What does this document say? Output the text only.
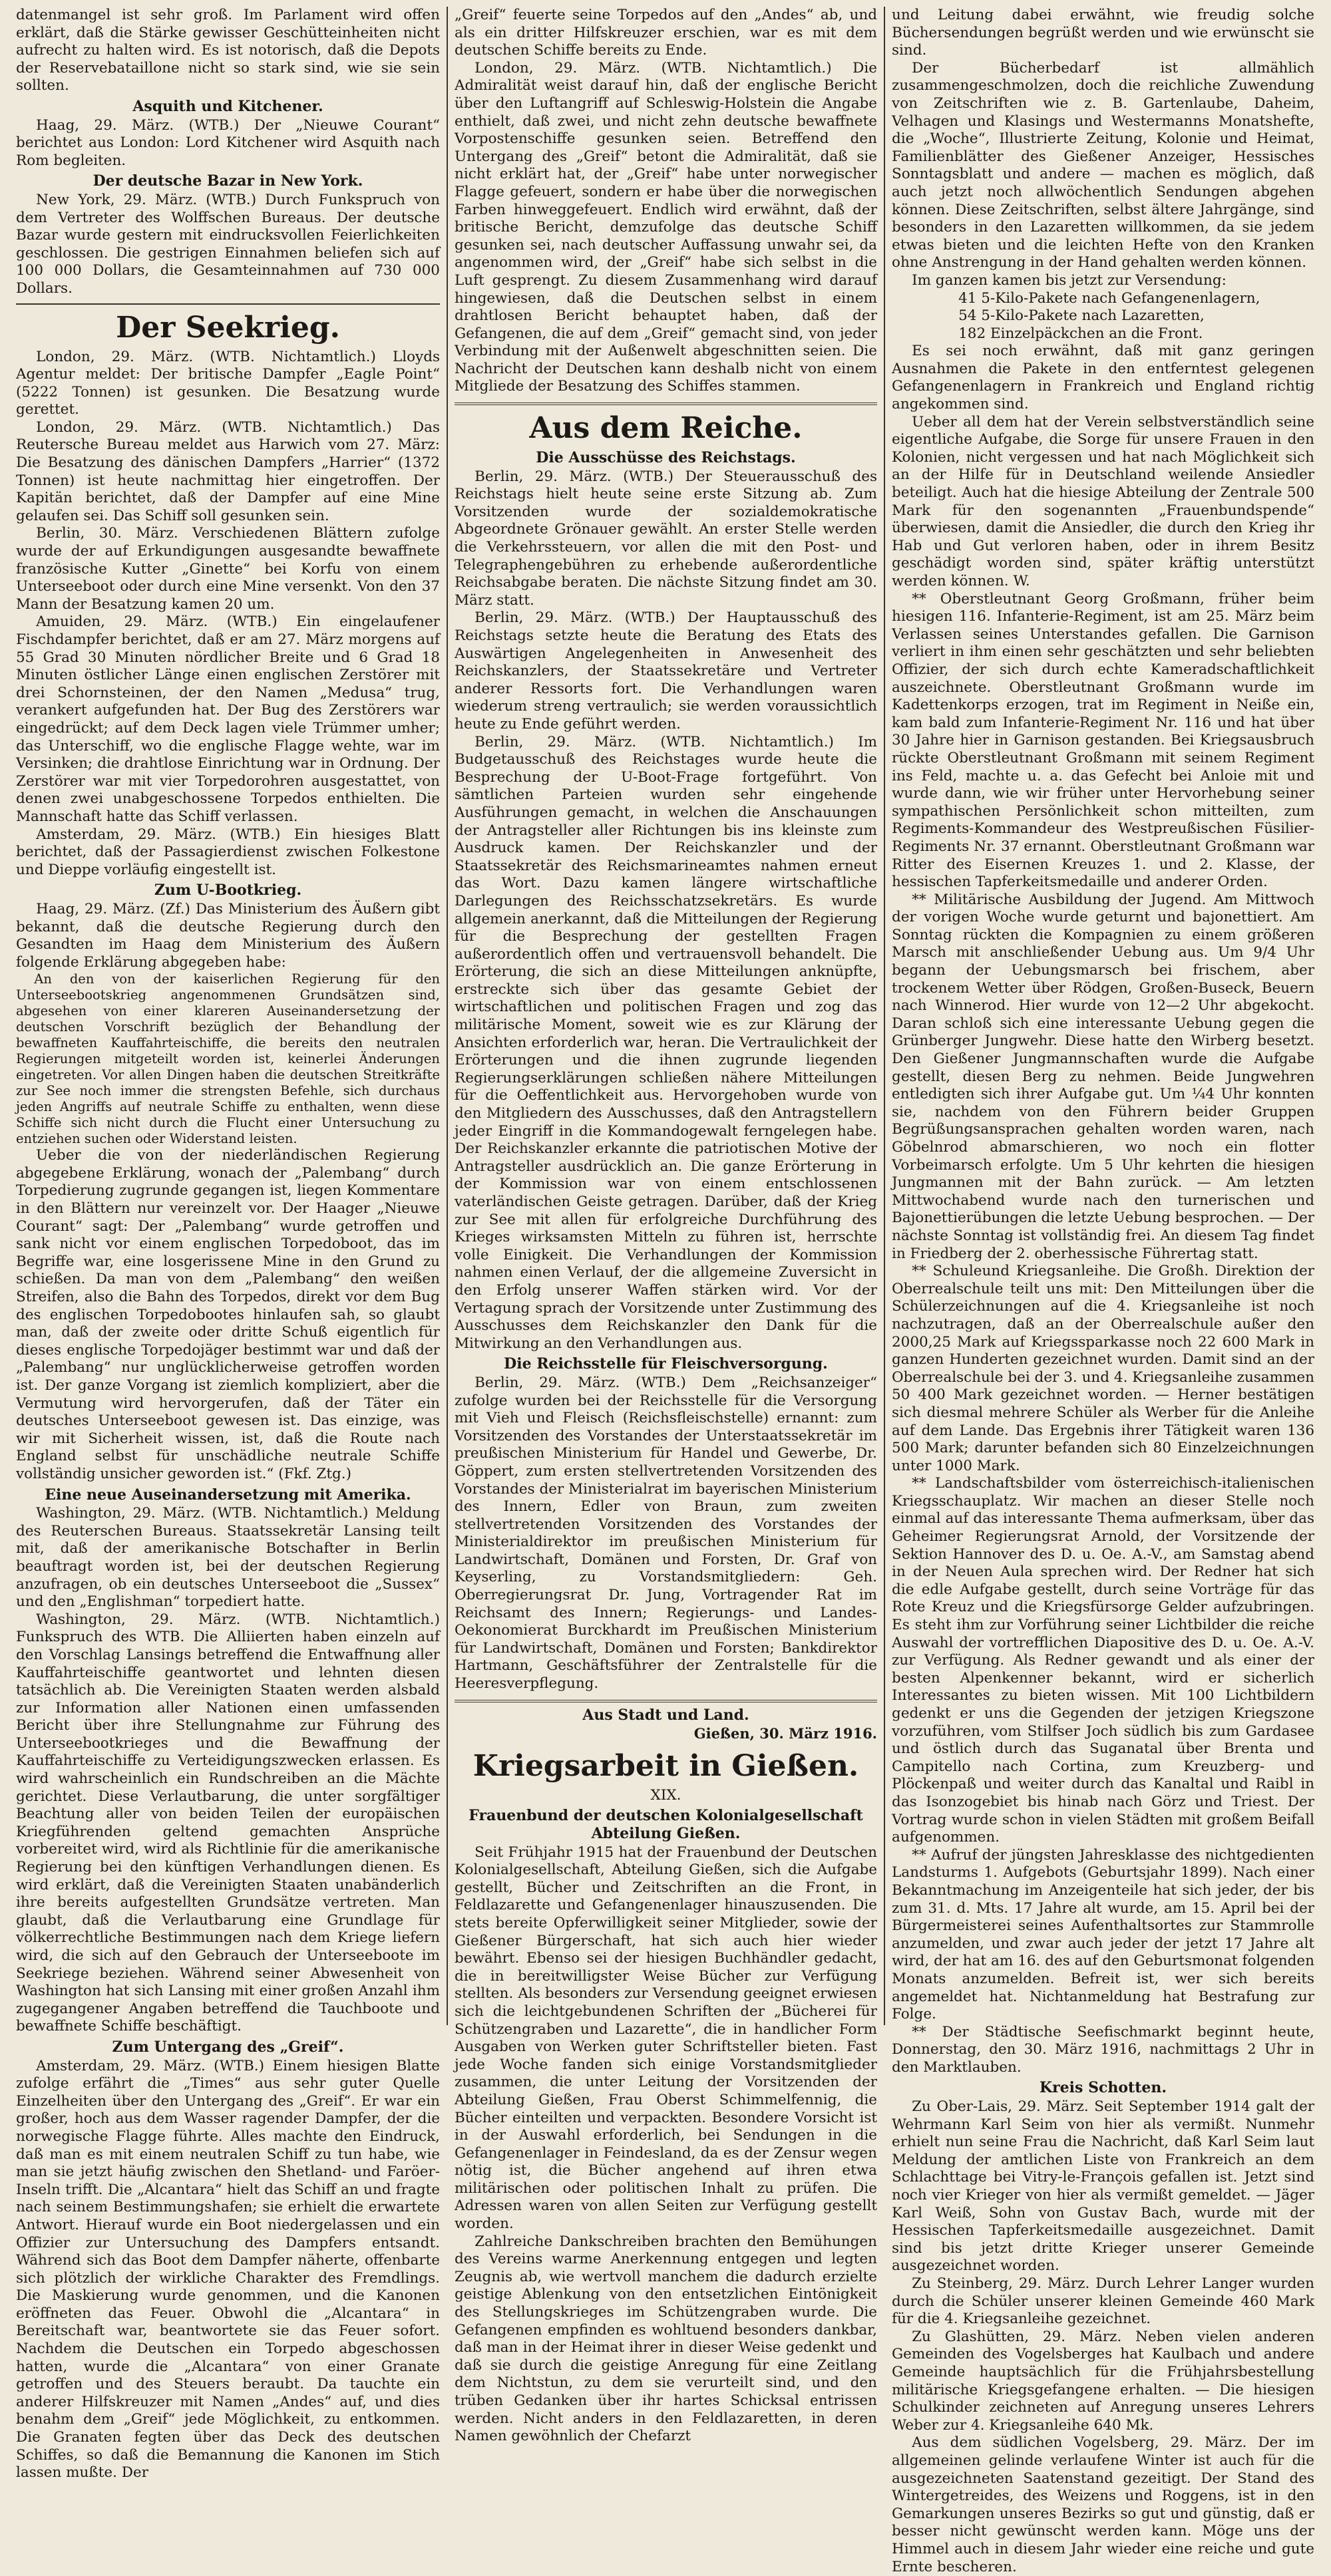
datenmangel ist sehr groß. Im Parlament wird offen erklärt, daß die Stärke gewisser Geschütteinheiten nicht aufrecht zu halten wird. Es ist notorisch, daß die Depots der Reservebataillone nicht so stark sind, wie sie sein sollten.

Asquith und Kitchener.

Haag, 29. März. (WTB.) Der „Nieuwe Courant“ berichtet aus London: Lord Kitchener wird Asquith nach Rom begleiten.

Der deutsche Bazar in New York.

New York, 29. März. (WTB.) Durch Funkspruch von dem Vertreter des Wolffschen Bureaus. Der deutsche Bazar wurde gestern mit eindrucksvollen Feierlichkeiten geschlossen. Die gestrigen Einnahmen beliefen sich auf 100 000 Dollars, die Gesamteinnahmen auf 730 000 Dollars.

Der Seekrieg.

London, 29. März. (WTB. Nichtamtlich.) Lloyds Agentur meldet: Der britische Dampfer „Eagle Point“ (5222 Tonnen) ist gesunken. Die Besatzung wurde gerettet.

London, 29. März. (WTB. Nichtamtlich.) Das Reutersche Bureau meldet aus Harwich vom 27. März: Die Besatzung des dänischen Dampfers „Harrier“ (1372 Tonnen) ist heute nachmittag hier eingetroffen. Der Kapitän berichtet, daß der Dampfer auf eine Mine gelaufen sei. Das Schiff soll gesunken sein.

Berlin, 30. März. Verschiedenen Blättern zufolge wurde der auf Erkundigungen ausgesandte bewaffnete französische Kutter „Ginette“ bei Korfu von einem Unterseeboot oder durch eine Mine versenkt. Von den 37 Mann der Besatzung kamen 20 um.

Amuiden, 29. März. (WTB.) Ein eingelaufener Fischdampfer berichtet, daß er am 27. März morgens auf 55 Grad 30 Minuten nördlicher Breite und 6 Grad 18 Minuten östlicher Länge einen englischen Zerstörer mit drei Schornsteinen, der den Namen „Medusa“ trug, verankert aufgefunden hat. Der Bug des Zerstörers war eingedrückt; auf dem Deck lagen viele Trümmer umher; das Unterschiff, wo die englische Flagge wehte, war im Versinken; die drahtlose Einrichtung war in Ordnung. Der Zerstörer war mit vier Torpedorohren ausgestattet, von denen zwei unabgeschossene Torpedos enthielten. Die Mannschaft hatte das Schiff verlassen.

Amsterdam, 29. März. (WTB.) Ein hiesiges Blatt berichtet, daß der Passagierdienst zwischen Folkestone und Dieppe vorläufig eingestellt ist.

Zum U-Bootkrieg.

Haag, 29. März. (Zf.) Das Ministerium des Äußern gibt bekannt, daß die deutsche Regierung durch den Gesandten im Haag dem Ministerium des Äußern folgende Erklärung abgegeben habe:

An den von der kaiserlichen Regierung für den Unterseebootskrieg angenommenen Grundsätzen sind, abgesehen von einer klareren Auseinandersetzung der deutschen Vorschrift bezüglich der Behandlung der bewaffneten Kauffahrteischiffe, die bereits den neutralen Regierungen mitgeteilt worden ist, keinerlei Änderungen eingetreten. Vor allen Dingen haben die deutschen Streitkräfte zur See noch immer die strengsten Befehle, sich durchaus jeden Angriffs auf neutrale Schiffe zu enthalten, wenn diese Schiffe sich nicht durch die Flucht einer Untersuchung zu entziehen suchen oder Widerstand leisten.

Ueber die von der niederländischen Regierung abgegebene Erklärung, wonach der „Palembang“ durch Torpedierung zugrunde gegangen ist, liegen Kommentare in den Blättern nur vereinzelt vor. Der Haager „Nieuwe Courant“ sagt: Der „Palembang“ wurde getroffen und sank nicht vor einem englischen Torpedoboot, das im Begriffe war, eine losgerissene Mine in den Grund zu schießen. Da man von dem „Palembang“ den weißen Streifen, also die Bahn des Torpedos, direkt vor dem Bug des englischen Torpedobootes hinlaufen sah, so glaubt man, daß der zweite oder dritte Schuß eigentlich für dieses englische Torpedojäger bestimmt war und daß der „Palembang“ nur unglücklicherweise getroffen worden ist. Der ganze Vorgang ist ziemlich kompliziert, aber die Vermutung wird hervorgerufen, daß der Täter ein deutsches Unterseeboot gewesen ist. Das einzige, was wir mit Sicherheit wissen, ist, daß die Route nach England selbst für unschädliche neutrale Schiffe vollständig unsicher geworden ist.“ (Fkf. Ztg.)

Eine neue Auseinandersetzung mit Amerika.

Washington, 29. März. (WTB. Nichtamtlich.) Meldung des Reuterschen Bureaus. Staatssekretär Lansing teilt mit, daß der amerikanische Botschafter in Berlin beauftragt worden ist, bei der deutschen Regierung anzufragen, ob ein deutsches Unterseeboot die „Sussex“ und den „Englishman“ torpediert hatte.

Washington, 29. März. (WTB. Nichtamtlich.) Funkspruch des WTB. Die Alliierten haben einzeln auf den Vorschlag Lansings betreffend die Entwaffnung aller Kauffahrteischiffe geantwortet und lehnten diesen tatsächlich ab. Die Vereinigten Staaten werden alsbald zur Information aller Nationen einen umfassenden Bericht über ihre Stellungnahme zur Führung des Unterseebootkrieges und die Bewaffnung der Kauffahrteischiffe zu Verteidigungszwecken erlassen. Es wird wahrscheinlich ein Rundschreiben an die Mächte gerichtet. Diese Verlautbarung, die unter sorgfältiger Beachtung aller von beiden Teilen der europäischen Kriegführenden geltend gemachten Ansprüche vorbereitet wird, wird als Richtlinie für die amerikanische Regierung bei den künftigen Verhandlungen dienen. Es wird erklärt, daß die Vereinigten Staaten unabänderlich ihre bereits aufgestellten Grundsätze vertreten. Man glaubt, daß die Verlautbarung eine Grundlage für völkerrechtliche Bestimmungen nach dem Kriege liefern wird, die sich auf den Gebrauch der Unterseeboote im Seekriege beziehen. Während seiner Abwesenheit von Washington hat sich Lansing mit einer großen Anzahl ihm zugegangener Angaben betreffend die Tauchboote und bewaffnete Schiffe beschäftigt.

Zum Untergang des „Greif“.

Amsterdam, 29. März. (WTB.) Einem hiesigen Blatte zufolge erfährt die „Times“ aus sehr guter Quelle Einzelheiten über den Untergang des „Greif“. Er war ein großer, hoch aus dem Wasser ragender Dampfer, der die norwegische Flagge führte. Alles machte den Eindruck, daß man es mit einem neutralen Schiff zu tun habe, wie man sie jetzt häufig zwischen den Shetland- und Faröer-Inseln trifft. Die „Alcantara“ hielt das Schiff an und fragte nach seinem Bestimmungshafen; sie erhielt die erwartete Antwort. Hierauf wurde ein Boot niedergelassen und ein Offizier zur Untersuchung des Dampfers entsandt. Während sich das Boot dem Dampfer näherte, offenbarte sich plötzlich der wirkliche Charakter des Fremdlings. Die Maskierung wurde genommen, und die Kanonen eröffneten das Feuer. Obwohl die „Alcantara“ in Bereitschaft war, beantwortete sie das Feuer sofort. Nachdem die Deutschen ein Torpedo abgeschossen hatten, wurde die „Alcantara“ von einer Granate getroffen und des Steuers beraubt. Da tauchte ein anderer Hilfskreuzer mit Namen „Andes“ auf, und dies benahm dem „Greif“ jede Möglichkeit, zu entkommen. Die Granaten fegten über das Deck des deutschen Schiffes, so daß die Bemannung die Kanonen im Stich lassen mußte. Der

„Greif“ feuerte seine Torpedos auf den „Andes“ ab, und als ein dritter Hilfskreuzer erschien, war es mit dem deutschen Schiffe bereits zu Ende.

London, 29. März. (WTB. Nichtamtlich.) Die Admiralität weist darauf hin, daß der englische Bericht über den Luftangriff auf Schleswig-Holstein die Angabe enthielt, daß zwei, und nicht zehn deutsche bewaffnete Vorpostenschiffe gesunken seien. Betreffend den Untergang des „Greif“ betont die Admiralität, daß sie nicht erklärt hat, der „Greif“ habe unter norwegischer Flagge gefeuert, sondern er habe über die norwegischen Farben hinweggefeuert. Endlich wird erwähnt, daß der britische Bericht, demzufolge das deutsche Schiff gesunken sei, nach deutscher Auffassung unwahr sei, da angenommen wird, der „Greif“ habe sich selbst in die Luft gesprengt. Zu diesem Zusammenhang wird darauf hingewiesen, daß die Deutschen selbst in einem drahtlosen Bericht behauptet haben, daß der Gefangenen, die auf dem „Greif“ gemacht sind, von jeder Verbindung mit der Außenwelt abgeschnitten seien. Die Nachricht der Deutschen kann deshalb nicht von einem Mitgliede der Besatzung des Schiffes stammen.

Aus dem Reiche.
Die Ausschüsse des Reichstags.

Berlin, 29. März. (WTB.) Der Steuerausschuß des Reichstags hielt heute seine erste Sitzung ab. Zum Vorsitzenden wurde der sozialdemokratische Abgeordnete Grönauer gewählt. An erster Stelle werden die Verkehrssteuern, vor allen die mit den Post- und Telegraphengebühren zu erhebende außerordentliche Reichsabgabe beraten. Die nächste Sitzung findet am 30. März statt.

Berlin, 29. März. (WTB.) Der Hauptausschuß des Reichstags setzte heute die Beratung des Etats des Auswärtigen Angelegenheiten in Anwesenheit des Reichskanzlers, der Staatssekretäre und Vertreter anderer Ressorts fort. Die Verhandlungen waren wiederum streng vertraulich; sie werden voraussichtlich heute zu Ende geführt werden.

Berlin, 29. März. (WTB. Nichtamtlich.) Im Budgetausschuß des Reichstages wurde heute die Besprechung der U-Boot-Frage fortgeführt. Von sämtlichen Parteien wurden sehr eingehende Ausführungen gemacht, in welchen die Anschauungen der Antragsteller aller Richtungen bis ins kleinste zum Ausdruck kamen. Der Reichskanzler und der Staatssekretär des Reichsmarineamtes nahmen erneut das Wort. Dazu kamen längere wirtschaftliche Darlegungen des Reichsschatzsekretärs. Es wurde allgemein anerkannt, daß die Mitteilungen der Regierung für die Besprechung der gestellten Fragen außerordentlich offen und vertrauensvoll behandelt. Die Erörterung, die sich an diese Mitteilungen anknüpfte, erstreckte sich über das gesamte Gebiet der wirtschaftlichen und politischen Fragen und zog das militärische Moment, soweit wie es zur Klärung der Ansichten erforderlich war, heran. Die Vertraulichkeit der Erörterungen und die ihnen zugrunde liegenden Regierungserklärungen schließen nähere Mitteilungen für die Oeffentlichkeit aus. Hervorgehoben wurde von den Mitgliedern des Ausschusses, daß den Antragstellern jeder Eingriff in die Kommandogewalt ferngelegen habe. Der Reichskanzler erkannte die patriotischen Motive der Antragsteller ausdrücklich an. Die ganze Erörterung in der Kommission war von einem entschlossenen vaterländischen Geiste getragen. Darüber, daß der Krieg zur See mit allen für erfolgreiche Durchführung des Krieges wirksamsten Mitteln zu führen ist, herrschte volle Einigkeit. Die Verhandlungen der Kommission nahmen einen Verlauf, der die allgemeine Zuversicht in den Erfolg unserer Waffen stärken wird. Vor der Vertagung sprach der Vorsitzende unter Zustimmung des Ausschusses dem Reichskanzler den Dank für die Mitwirkung an den Verhandlungen aus.

Die Reichsstelle für Fleischversorgung.

Berlin, 29. März. (WTB.) Dem „Reichsanzeiger“ zufolge wurden bei der Reichsstelle für die Versorgung mit Vieh und Fleisch (Reichsfleischstelle) ernannt: zum Vorsitzenden des Vorstandes der Unterstaatssekretär im preußischen Ministerium für Handel und Gewerbe, Dr. Göppert, zum ersten stellvertretenden Vorsitzenden des Vorstandes der Ministerialrat im bayerischen Ministerium des Innern, Edler von Braun, zum zweiten stellvertretenden Vorsitzenden des Vorstandes der Ministerialdirektor im preußischen Ministerium für Landwirtschaft, Domänen und Forsten, Dr. Graf von Keyserling, zu Vorstandsmitgliedern: Geh. Oberregierungsrat Dr. Jung, Vortragender Rat im Reichsamt des Innern; Regierungs- und Landes-Oekonomierat Burckhardt im Preußischen Ministerium für Landwirtschaft, Domänen und Forsten; Bankdirektor Hartmann, Geschäftsführer der Zentralstelle für die Heeresverpflegung.

Aus Stadt und Land.
Gießen, 30. März 1916.
Kriegsarbeit in Gießen.

XIX.

Frauenbund der deutschen Kolonialgesellschaft Abteilung Gießen.

Seit Frühjahr 1915 hat der Frauenbund der Deutschen Kolonialgesellschaft, Abteilung Gießen, sich die Aufgabe gestellt, Bücher und Zeitschriften an die Front, in Feldlazarette und Gefangenenlager hinauszusenden. Die stets bereite Opferwilligkeit seiner Mitglieder, sowie der Gießener Bürgerschaft, hat sich auch hier wieder bewährt. Ebenso sei der hiesigen Buchhändler gedacht, die in bereitwilligster Weise Bücher zur Verfügung stellten. Als besonders zur Versendung geeignet erwiesen sich die leichtgebundenen Schriften der „Bücherei für Schützengraben und Lazarette“, die in handlicher Form Ausgaben von Werken guter Schriftsteller bieten. Fast jede Woche fanden sich einige Vorstandsmitglieder zusammen, die unter Leitung der Vorsitzenden der Abteilung Gießen, Frau Oberst Schimmelfennig, die Bücher einteilten und verpackten. Besondere Vorsicht ist in der Auswahl erforderlich, bei Sendungen in die Gefangenenlager in Feindesland, da es der Zensur wegen nötig ist, die Bücher angehend auf ihren etwa militärischen oder politischen Inhalt zu prüfen. Die Adressen waren von allen Seiten zur Verfügung gestellt worden.

Zahlreiche Dankschreiben brachten den Bemühungen des Vereins warme Anerkennung entgegen und legten Zeugnis ab, wie wertvoll manchem die dadurch erzielte geistige Ablenkung von den entsetzlichen Eintönigkeit des Stellungskrieges im Schützengraben wurde. Die Gefangenen empfinden es wohltuend besonders dankbar, daß man in der Heimat ihrer in dieser Weise gedenkt und daß sie durch die geistige Anregung für eine Zeitlang dem Nichtstun, zu dem sie verurteilt sind, und den trüben Gedanken über ihr hartes Schicksal entrissen werden. Nicht anders in den Feldlazaretten, in deren Namen gewöhnlich der Chefarzt

und Leitung dabei erwähnt, wie freudig solche Büchersendungen begrüßt werden und wie erwünscht sie sind.

Der Bücherbedarf ist allmählich zusammengeschmolzen, doch die reichliche Zuwendung von Zeitschriften wie z. B. Gartenlaube, Daheim, Velhagen und Klasings und Westermanns Monatshefte, die „Woche“, Illustrierte Zeitung, Kolonie und Heimat, Familienblätter des Gießener Anzeiger, Hessisches Sonntagsblatt und andere — machen es möglich, daß auch jetzt noch allwöchentlich Sendungen abgehen können. Diese Zeitschriften, selbst ältere Jahrgänge, sind besonders in den Lazaretten willkommen, da sie jedem etwas bieten und die leichten Hefte von den Kranken ohne Anstrengung in der Hand gehalten werden können.

Im ganzen kamen bis jetzt zur Versendung:

41 5-Kilo-Pakete nach Gefangenenlagern,

54 5-Kilo-Pakete nach Lazaretten,

182 Einzelpäckchen an die Front.

Es sei noch erwähnt, daß mit ganz geringen Ausnahmen die Pakete in den entferntest gelegenen Gefangenenlagern in Frankreich und England richtig angekommen sind.

Ueber all dem hat der Verein selbstverständlich seine eigentliche Aufgabe, die Sorge für unsere Frauen in den Kolonien, nicht vergessen und hat nach Möglichkeit sich an der Hilfe für in Deutschland weilende Ansiedler beteiligt. Auch hat die hiesige Abteilung der Zentrale 500 Mark für den sogenannten „Frauenbundspende“ überwiesen, damit die Ansiedler, die durch den Krieg ihr Hab und Gut verloren haben, oder in ihrem Besitz geschädigt worden sind, später kräftig unterstützt werden können. W.

** Oberstleutnant Georg Großmann, früher beim hiesigen 116. Infanterie-Regiment, ist am 25. März beim Verlassen seines Unterstandes gefallen. Die Garnison verliert in ihm einen sehr geschätzten und sehr beliebten Offizier, der sich durch echte Kameradschaftlichkeit auszeichnete. Oberstleutnant Großmann wurde im Kadettenkorps erzogen, trat im Regiment in Neiße ein, kam bald zum Infanterie-Regiment Nr. 116 und hat über 30 Jahre hier in Garnison gestanden. Bei Kriegsausbruch rückte Oberstleutnant Großmann mit seinem Regiment ins Feld, machte u. a. das Gefecht bei Anloie mit und wurde dann, wie wir früher unter Hervorhebung seiner sympathischen Persönlichkeit schon mitteilten, zum Regiments-Kommandeur des Westpreußischen Füsilier-Regiments Nr. 37 ernannt. Oberstleutnant Großmann war Ritter des Eisernen Kreuzes 1. und 2. Klasse, der hessischen Tapferkeitsmedaille und anderer Orden.

** Militärische Ausbildung der Jugend. Am Mittwoch der vorigen Woche wurde geturnt und bajonettiert. Am Sonntag rückten die Kompagnien zu einem größeren Marsch mit anschließender Uebung aus. Um 9/4 Uhr begann der Uebungsmarsch bei frischem, aber trockenem Wetter über Rödgen, Großen-Buseck, Beuern nach Winnerod. Hier wurde von 12—2 Uhr abgekocht. Daran schloß sich eine interessante Uebung gegen die Grünberger Jungwehr. Diese hatte den Wirberg besetzt. Den Gießener Jungmannschaften wurde die Aufgabe gestellt, diesen Berg zu nehmen. Beide Jungwehren entledigten sich ihrer Aufgabe gut. Um ¼4 Uhr konnten sie, nachdem von den Führern beider Gruppen Begrüßungsansprachen gehalten worden waren, nach Göbelnrod abmarschieren, wo noch ein flotter Vorbeimarsch erfolgte. Um 5 Uhr kehrten die hiesigen Jungmannen mit der Bahn zurück. — Am letzten Mittwochabend wurde nach den turnerischen und Bajonettierübungen die letzte Uebung besprochen. — Der nächste Sonntag ist vollständig frei. An diesem Tag findet in Friedberg der 2. oberhessische Führertag statt.

** Schuleund Kriegsanleihe. Die Großh. Direktion der Oberrealschule teilt uns mit: Den Mitteilungen über die Schülerzeichnungen auf die 4. Kriegsanleihe ist noch nachzutragen, daß an der Oberrealschule außer den 2000,25 Mark auf Kriegssparkasse noch 22 600 Mark in ganzen Hunderten gezeichnet wurden. Damit sind an der Oberrealschule bei der 3. und 4. Kriegsanleihe zusammen 50 400 Mark gezeichnet worden. — Herner bestätigen sich diesmal mehrere Schüler als Werber für die Anleihe auf dem Lande. Das Ergebnis ihrer Tätigkeit waren 136 500 Mark; darunter befanden sich 80 Einzelzeichnungen unter 1000 Mark.

** Landschaftsbilder vom österreichisch-italienischen Kriegsschauplatz. Wir machen an dieser Stelle noch einmal auf das interessante Thema aufmerksam, über das Geheimer Regierungsrat Arnold, der Vorsitzende der Sektion Hannover des D. u. Oe. A.-V., am Samstag abend in der Neuen Aula sprechen wird. Der Redner hat sich die edle Aufgabe gestellt, durch seine Vorträge für das Rote Kreuz und die Kriegsfürsorge Gelder aufzubringen. Es steht ihm zur Vorführung seiner Lichtbilder die reiche Auswahl der vortrefflichen Diapositive des D. u. Oe. A.-V. zur Verfügung. Als Redner gewandt und als einer der besten Alpenkenner bekannt, wird er sicherlich Interessantes zu bieten wissen. Mit 100 Lichtbildern gedenkt er uns die Gegenden der jetzigen Kriegszone vorzuführen, vom Stilfser Joch südlich bis zum Gardasee und östlich durch das Suganatal über Brenta und Campitello nach Cortina, zum Kreuzberg- und Plöckenpaß und weiter durch das Kanaltal und Raibl in das Isonzogebiet bis hinab nach Görz und Triest. Der Vortrag wurde schon in vielen Städten mit großem Beifall aufgenommen.

** Aufruf der jüngsten Jahresklasse des nichtgedienten Landsturms 1. Aufgebots (Geburtsjahr 1899). Nach einer Bekanntmachung im Anzeigenteile hat sich jeder, der bis zum 31. d. Mts. 17 Jahre alt wurde, am 15. April bei der Bürgermeisterei seines Aufenthaltsortes zur Stammrolle anzumelden, und zwar auch jeder der jetzt 17 Jahre alt wird, der hat am 16. des auf den Geburtsmonat folgenden Monats anzumelden. Befreit ist, wer sich bereits angemeldet hat. Nichtanmeldung hat Bestrafung zur Folge.

** Der Städtische Seefischmarkt beginnt heute, Donnerstag, den 30. März 1916, nachmittags 2 Uhr in den Marktlauben.

Kreis Schotten.

Zu Ober-Lais, 29. März. Seit September 1914 galt der Wehrmann Karl Seim von hier als vermißt. Nunmehr erhielt nun seine Frau die Nachricht, daß Karl Seim laut Meldung der amtlichen Liste von Frankreich an dem Schlachttage bei Vitry-le-François gefallen ist. Jetzt sind noch vier Krieger von hier als vermißt gemeldet. — Jäger Karl Weiß, Sohn von Gustav Bach, wurde mit der Hessischen Tapferkeitsmedaille ausgezeichnet. Damit sind bis jetzt dritte Krieger unserer Gemeinde ausgezeichnet worden.

Zu Steinberg, 29. März. Durch Lehrer Langer wurden durch die Schüler unserer kleinen Gemeinde 460 Mark für die 4. Kriegsanleihe gezeichnet.

Zu Glashütten, 29. März. Neben vielen anderen Gemeinden des Vogelsberges hat Kaulbach und andere Gemeinde hauptsächlich für die Frühjahrsbestellung militärische Kriegsgefangene erhalten. — Die hiesigen Schulkinder zeichneten auf Anregung unseres Lehrers Weber zur 4. Kriegsanleihe 640 Mk.

Aus dem südlichen Vogelsberg, 29. März. Der im allgemeinen gelinde verlaufene Winter ist auch für die ausgezeichneten Saatenstand gezeitigt. Der Stand des Wintergetreides, des Weizens und Roggens, ist in den Gemarkungen unseres Bezirks so gut und günstig, daß er besser nicht gewünscht werden kann. Möge uns der Himmel auch in diesem Jahr wieder eine reiche und gute Ernte bescheren.
